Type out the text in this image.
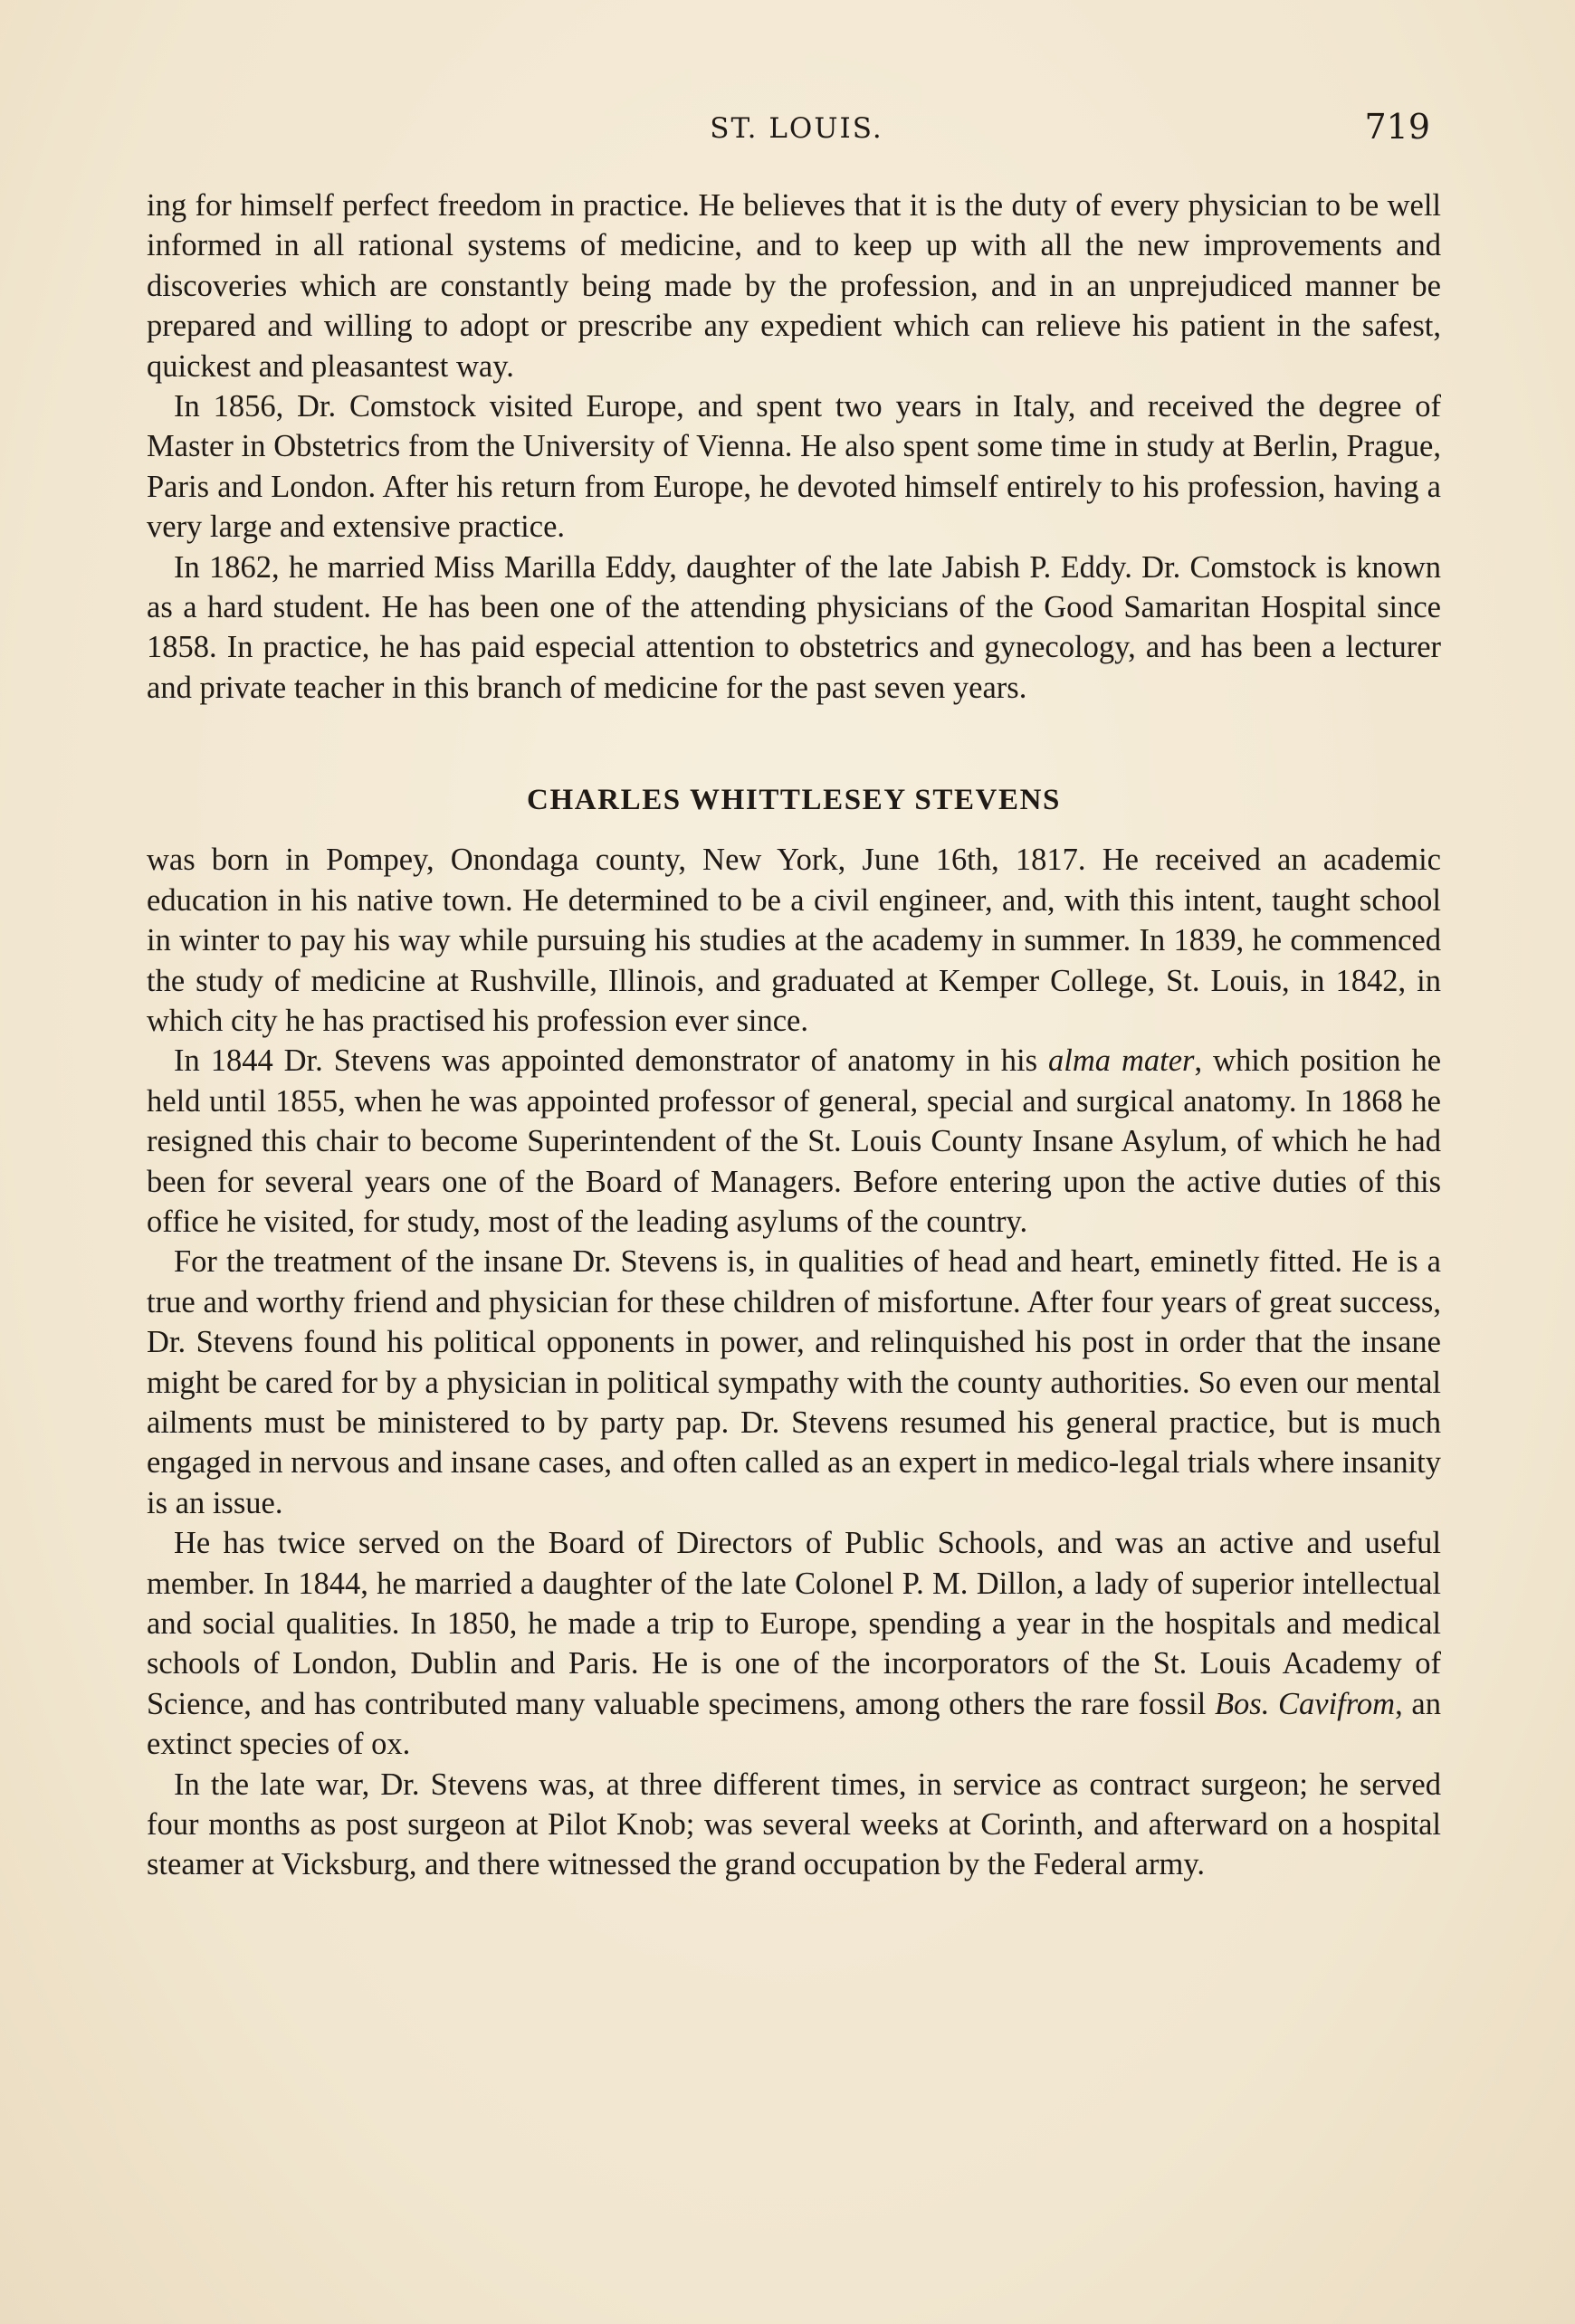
ST. LOUIS.	719

ing for himself perfect freedom in practice. He believes that it is the duty of every physician to be well informed in all rational systems of medicine, and to keep up with all the new improvements and discoveries which are constantly being made by the profession, and in an unprejudiced manner be prepared and willing to adopt or prescribe any expedient which can relieve his patient in the safest, quickest and pleasantest way.

In 1856, Dr. Comstock visited Europe, and spent two years in Italy, and received the degree of Master in Obstetrics from the University of Vienna. He also spent some time in study at Berlin, Prague, Paris and London. After his return from Europe, he devoted himself entirely to his profession, having a very large and extensive practice.

In 1862, he married Miss Marilla Eddy, daughter of the late Jabish P. Eddy. Dr. Comstock is known as a hard student. He has been one of the attending physicians of the Good Samaritan Hospital since 1858. In practice, he has paid especial attention to obstetrics and gynecology, and has been a lecturer and private teacher in this branch of medicine for the past seven years.

CHARLES WHITTLESEY STEVENS

was born in Pompey, Onondaga county, New York, June 16th, 1817. He received an academic education in his native town. He determined to be a civil engineer, and, with this intent, taught school in winter to pay his way while pursuing his studies at the academy in summer. In 1839, he commenced the study of medicine at Rushville, Illinois, and graduated at Kemper College, St. Louis, in 1842, in which city he has practised his profession ever since.

In 1844 Dr. Stevens was appointed demonstrator of anatomy in his alma mater, which position he held until 1855, when he was appointed professor of general, special and surgical anatomy. In 1868 he resigned this chair to become Superintendent of the St. Louis County Insane Asylum, of which he had been for several years one of the Board of Managers. Before entering upon the active duties of this office he visited, for study, most of the leading asylums of the country.

For the treatment of the insane Dr. Stevens is, in qualities of head and heart, eminetly fitted. He is a true and worthy friend and physician for these children of misfortune. After four years of great success, Dr. Stevens found his political opponents in power, and relinquished his post in order that the insane might be cared for by a physician in political sympathy with the county authorities. So even our mental ailments must be ministered to by party pap. Dr. Stevens resumed his general practice, but is much engaged in nervous and insane cases, and often called as an expert in medico-legal trials where insanity is an issue.

He has twice served on the Board of Directors of Public Schools, and was an active and useful member. In 1844, he married a daughter of the late Colonel P. M. Dillon, a lady of superior intellectual and social qualities. In 1850, he made a trip to Europe, spending a year in the hospitals and medical schools of London, Dublin and Paris. He is one of the incorporators of the St. Louis Academy of Science, and has contributed many valuable specimens, among others the rare fossil Bos. Cavifrom, an extinct species of ox.

In the late war, Dr. Stevens was, at three different times, in service as contract surgeon; he served four months as post surgeon at Pilot Knob; was several weeks at Corinth, and afterward on a hospital steamer at Vicksburg, and there witnessed the grand occupation by the Federal army.
